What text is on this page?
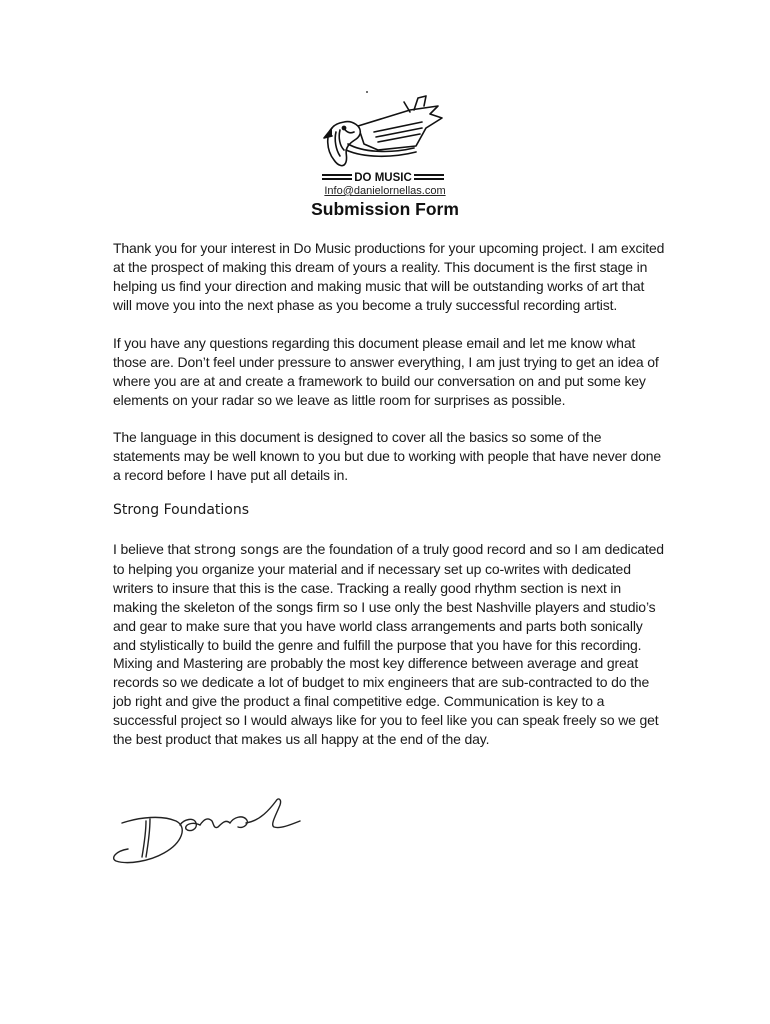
DO MUSIC
Info@danielornellas.com
Submission Form

Thank you for your interest in Do Music productions for your upcoming project. I am excited at the prospect of making this dream of yours a reality. This document is the first stage in helping us find your direction and making music that will be outstanding works of art that will move you into the next phase as you become a truly successful recording artist.

If you have any questions regarding this document please email and let me know what those are. Don’t feel under pressure to answer everything, I am just trying to get an idea of where you are at and create a framework to build our conversation on and put some key elements on your radar so we leave as little room for surprises as possible.

The language in this document is designed to cover all the basics so some of the statements may be well known to you but due to working with people that have never done a record before I have put all details in.

Strong Foundations

I believe that strong songs are the foundation of a truly good record and so I am dedicated to helping you organize your material and if necessary set up co-writes with dedicated writers to insure that this is the case. Tracking a really good rhythm section is next in making the skeleton of the songs firm so I use only the best Nashville players and studio’s and gear to make sure that you have world class arrangements and parts both sonically and stylistically to build the genre and fulfill the purpose that you have for this recording. Mixing and Mastering are probably the most key difference between average and great records so we dedicate a lot of budget to mix engineers that are sub-contracted to do the job right and give the product a final competitive edge. Communication is key to a successful project so I would always like for you to feel like you can speak freely so we get the best product that makes us all happy at the end of the day.
